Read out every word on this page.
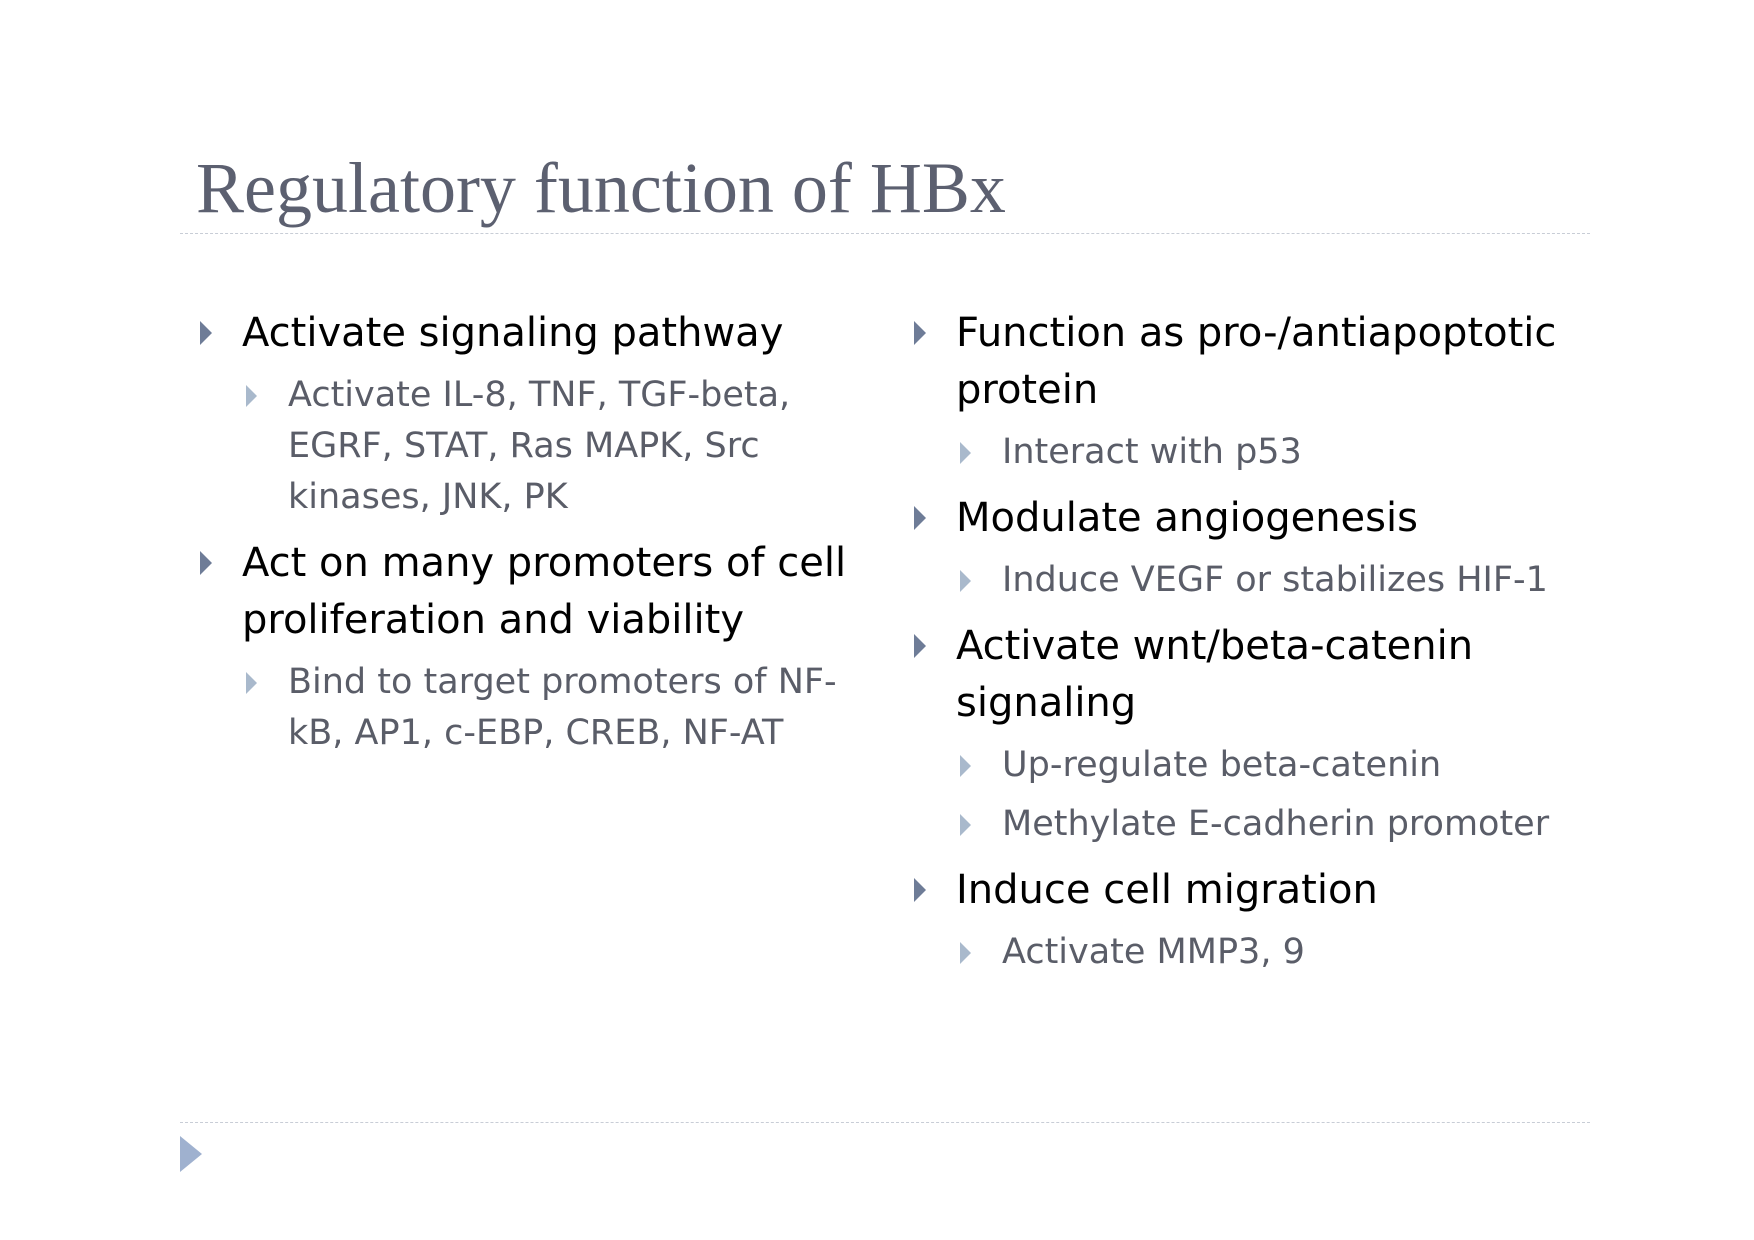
Regulatory function of HBx
Activate signaling pathway
Activate IL-8, TNF, TGF-beta, EGRF, STAT, Ras MAPK, Src kinases, JNK, PK
Act on many promoters of cell proliferation and viability
Bind to target promoters of NF-kB, AP1, c-EBP, CREB, NF-AT
Function as pro-/antiapoptotic protein
Interact with p53
Modulate angiogenesis
Induce VEGF or stabilizes HIF-1
Activate wnt/beta-catenin signaling
Up-regulate beta-catenin
Methylate E-cadherin promoter
Induce cell migration
Activate MMP3, 9
